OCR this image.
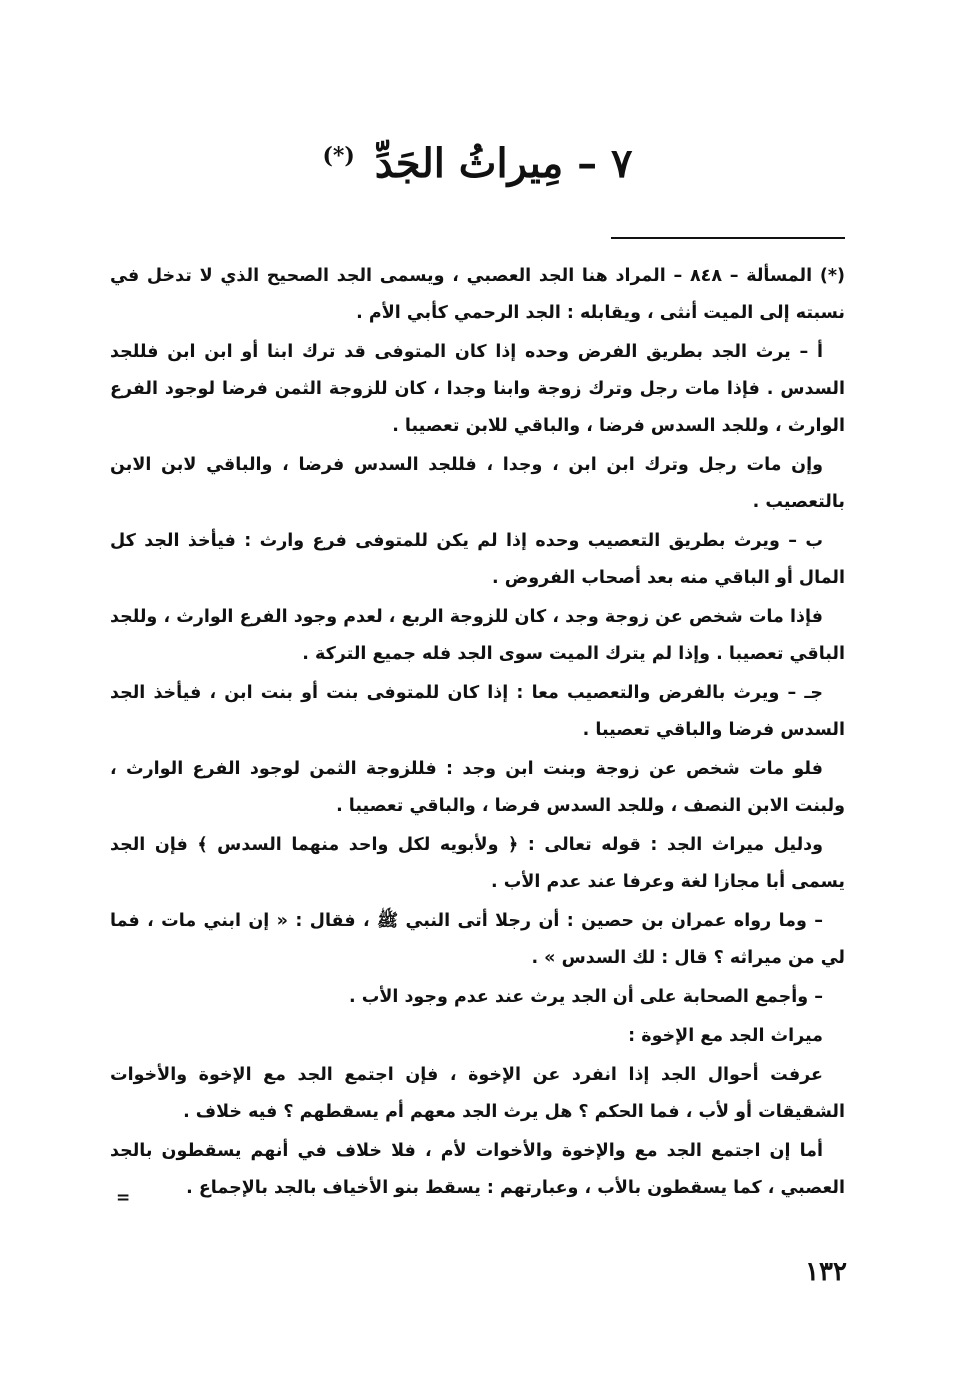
٧ – مِيراثُ الجَدِّ (*)

(*) المسألة – ٨٤٨ – المراد هنا الجد العصبي ، ويسمى الجد الصحيح الذي لا تدخل في نسبته إلى الميت أنثى ، ويقابله : الجد الرحمي كأبي الأم .

أ – يرث الجد بطريق الفرض وحده إذا كان المتوفى قد ترك ابنا أو ابن ابن فللجد السدس . فإذا مات رجل وترك زوجة وابنا وجدا ، كان للزوجة الثمن فرضا لوجود الفرع الوارث ، وللجد السدس فرضا ، والباقي للابن تعصيبا .

وإن مات رجل وترك ابن ابن ، وجدا ، فللجد السدس فرضا ، والباقي لابن الابن بالتعصيب .

ب – ويرث بطريق التعصيب وحده إذا لم يكن للمتوفى فرع وارث : فيأخذ الجد كل المال أو الباقي منه بعد أصحاب الفروض .

فإذا مات شخص عن زوجة وجد ، كان للزوجة الربع ، لعدم وجود الفرع الوارث ، وللجد الباقي تعصيبا . وإذا لم يترك الميت سوى الجد فله جميع التركة .

جـ – ويرث بالفرض والتعصيب معا : إذا كان للمتوفى بنت أو بنت ابن ، فيأخذ الجد السدس فرضا والباقي تعصيبا .

فلو مات شخص عن زوجة وبنت ابن وجد : فللزوجة الثمن لوجود الفرع الوارث ، ولبنت الابن النصف ، وللجد السدس فرضا ، والباقي تعصيبا .

ودليل ميراث الجد : قوله تعالى : ﴿ ولأبويه لكل واحد منهما السدس ﴾ فإن الجد يسمى أبا مجازا لغة وعرفا عند عدم الأب .

– وما رواه عمران بن حصين : أن رجلا أتى النبي ﷺ ، فقال : « إن ابني مات ، فما لي من ميراثه ؟ قال : لك السدس » .

– وأجمع الصحابة على أن الجد يرث عند عدم وجود الأب .

ميراث الجد مع الإخوة :

عرفت أحوال الجد إذا انفرد عن الإخوة ، فإن اجتمع الجد مع الإخوة والأخوات الشقيقات أو لأب ، فما الحكم ؟ هل يرث الجد معهم أم يسقطهم ؟ فيه خلاف .

أما إن اجتمع الجد مع والإخوة والأخوات لأم ، فلا خلاف في أنهم يسقطون بالجد العصبي ، كما يسقطون بالأب ، وعبارتهم : يسقط بنو الأخياف بالجد بالإجماع .

=
١٣٢
